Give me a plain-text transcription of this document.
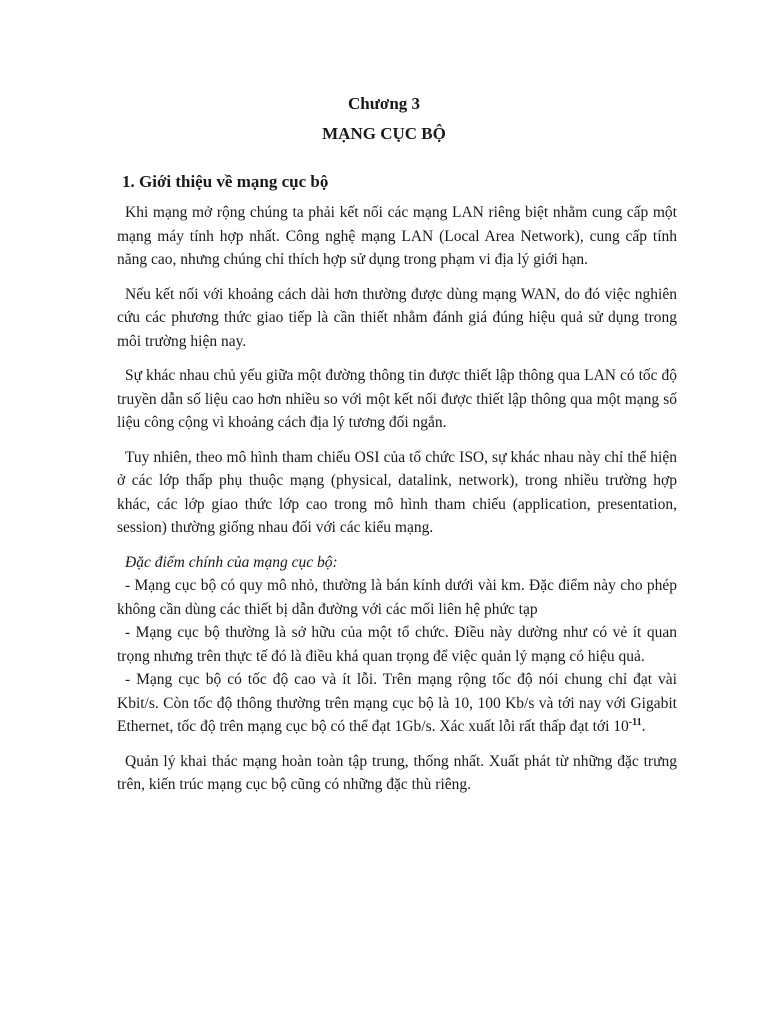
Chương 3
MẠNG CỤC BỘ
1. Giới thiệu về mạng cục bộ

Khi mạng mở rộng chúng ta phải kết nối các mạng LAN riêng biệt nhằm cung cấp một mạng máy tính hợp nhất. Công nghệ mạng LAN (Local Area Network), cung cấp tính năng cao, nhưng chúng chỉ thích hợp sử dụng trong phạm vi địa lý giới hạn.

Nếu kết nối với khoảng cách dài hơn thường được dùng mạng WAN, do đó việc nghiên cứu các phương thức giao tiếp là cần thiết nhằm đánh giá đúng hiệu quả sử dụng trong môi trường hiện nay.

Sự khác nhau chủ yếu giữa một đường thông tin được thiết lập thông qua LAN có tốc độ truyền dẫn số liệu cao hơn nhiều so với một kết nối được thiết lập thông qua một mạng số liệu công cộng vì khoảng cách địa lý tương đối ngắn.

Tuy nhiên, theo mô hình tham chiếu OSI của tổ chức ISO, sự khác nhau này chỉ thể hiện ở các lớp thấp phụ thuộc mạng (physical, datalink, network), trong nhiều trường hợp khác, các lớp giao thức lớp cao trong mô hình tham chiếu (application, presentation, session) thường giống nhau đối với các kiểu mạng.

Đặc điểm chính của mạng cục bộ:

- Mạng cục bộ có quy mô nhỏ, thường là bán kính dưới vài km. Đặc điểm này cho phép không cần dùng các thiết bị dẫn đường với các mối liên hệ phức tạp

- Mạng cục bộ thường là sở hữu của một tổ chức. Điều này dường như có vẻ ít quan trọng nhưng trên thực tế đó là điều khá quan trọng để việc quản lý mạng có hiệu quả.

- Mạng cục bộ có tốc độ cao và ít lỗi. Trên mạng rộng tốc độ nói chung chỉ đạt vài Kbit/s. Còn tốc độ thông thường trên mạng cục bộ là 10, 100 Kb/s và tới nay với Gigabit Ethernet, tốc độ trên mạng cục bộ có thể đạt 1Gb/s. Xác xuất lỗi rất thấp đạt tới $10^{-11}$.

Quản lý khai thác mạng hoàn toàn tập trung, thống nhất. Xuất phát từ những đặc trưng trên, kiến trúc mạng cục bộ cũng có những đặc thù riêng.
